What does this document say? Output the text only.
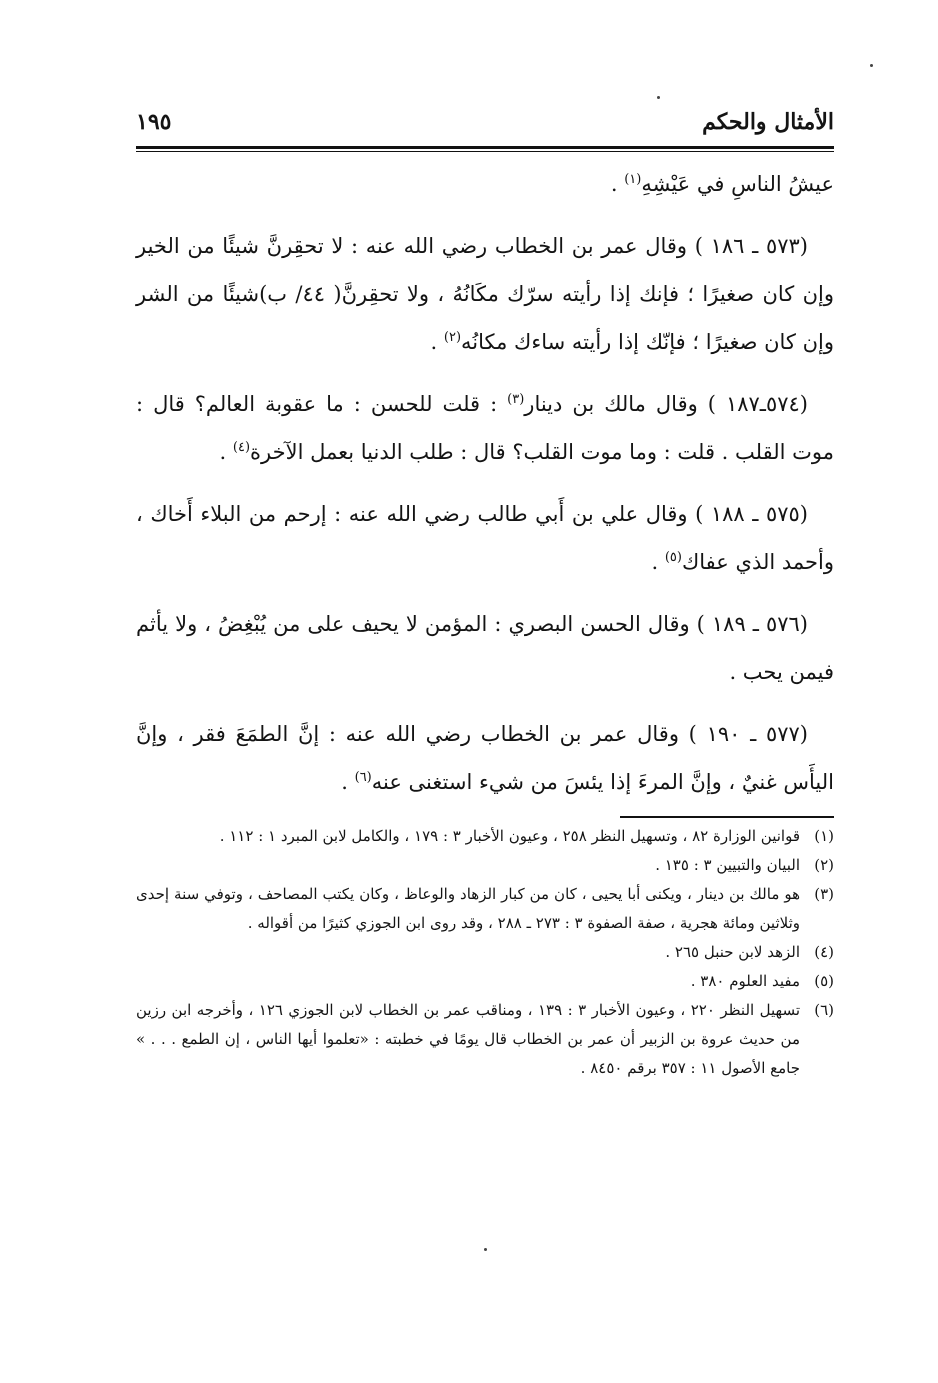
١٩٥	الأمثال والحكم

عيشُ الناسِ في عَيْشِهِ$^{(١)}$ .

(٥٧٣ ـ ١٨٦ ) وقال عمر بن الخطاب رضي الله عنه : لا تحقِرنَّ شيئًا من الخير وإن كان صغيرًا ؛ فإنك إذا رأيته سرّك مكَانُهُ ، ولا تحقِرنَّ( ٤٤/ ب)شيئًا من الشر وإن كان صغيرًا ؛ فإنّك إذا رأيته ساءك مكانُه$^{(٢)}$ .

(٥٧٤ـ١٨٧ ) وقال مالك بن دينار$^{(٣)}$ : قلت للحسن : ما عقوبة العالم؟ قال : موت القلب . قلت : وما موت القلب؟ قال : طلب الدنيا بعمل الآخرة$^{(٤)}$ .

(٥٧٥ ـ ١٨٨ ) وقال علي بن أَبي طالب رضي الله عنه : إرحم من البلاء أَخاك ، وأحمد الذي عفاك$^{(٥)}$ .

(٥٧٦ ـ ١٨٩ ) وقال الحسن البصري : المؤمن لا يحيف على من يُبْغِضُ ، ولا يأثم فيمن يحب .

(٥٧٧ ـ ١٩٠ ) وقال عمر بن الخطاب رضي الله عنه : إنَّ الطمَعَ فقر ، وإنَّ اليأَس غنيٌ ، وإنَّ المرءَ إذا يئسَ من شيء استغنى عنه$^{(٦)}$ .

(١)
قوانين الوزارة ٨٢ ، وتسهيل النظر ٢٥٨ ، وعيون الأخبار ٣ : ١٧٩ ، والكامل لابن المبرد ١ : ١١٢ .
(٢)
البيان والتبيين ٣ : ١٣٥ .
(٣)
هو مالك بن دينار ، ويكنى أبا يحيى ، كان من كبار الزهاد والوعاظ ، وكان يكتب المصاحف ، وتوفي سنة إحدى وثلاثين ومائة هجرية ، صفة الصفوة ٣ : ٢٧٣ ـ ٢٨٨ ، وقد روى ابن الجوزي كثيرًا من أقواله .
(٤)
الزهد لابن حنبل ٢٦٥ .
(٥)
مفيد العلوم ٣٨٠ .
(٦)
تسهيل النظر ٢٢٠ ، وعيون الأخبار ٣ : ١٣٩ ، ومناقب عمر بن الخطاب لابن الجوزي ١٢٦ ، وأخرجه ابن رزين من حديث عروة بن الزبير أن عمر بن الخطاب قال يومًا في خطبته : «تعلموا أيها الناس ، إن الطمع . . . » جامع الأصول ١١ : ٣٥٧ برقم ٨٤٥٠ .
